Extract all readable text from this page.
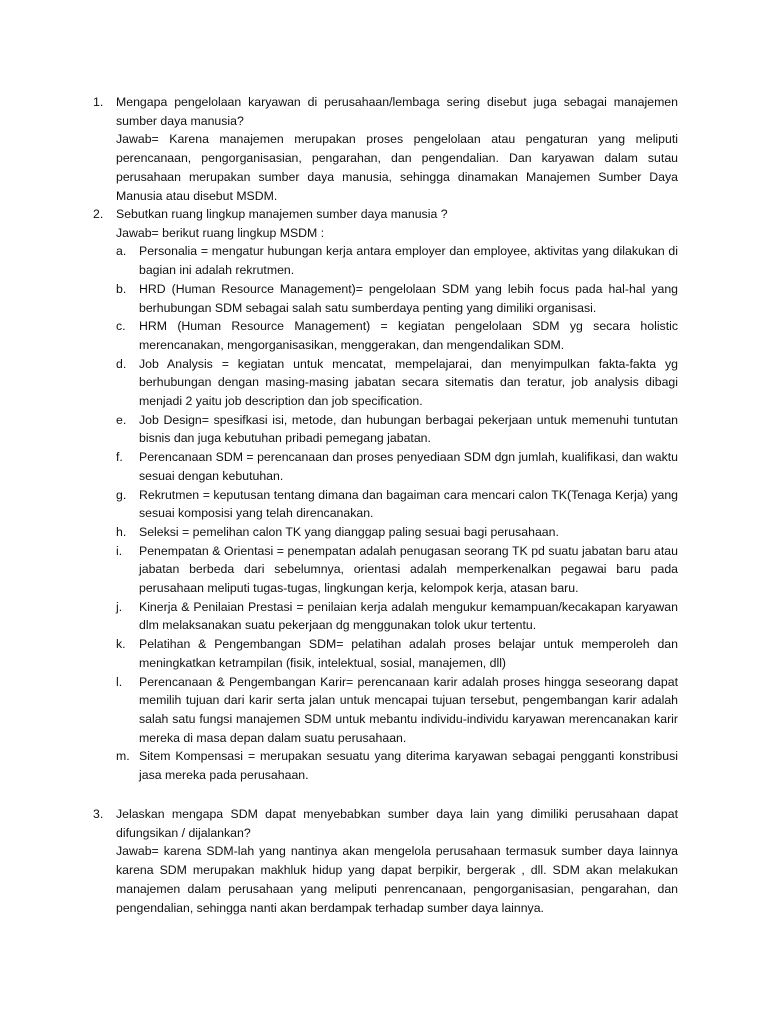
1. Mengapa pengelolaan karyawan di perusahaan/lembaga sering disebut juga sebagai manajemen sumber daya manusia?
Jawab= Karena manajemen merupakan proses pengelolaan atau pengaturan yang meliputi perencanaan, pengorganisasian, pengarahan, dan pengendalian. Dan karyawan dalam sutau perusahaan merupakan sumber daya manusia, sehingga dinamakan Manajemen Sumber Daya Manusia atau disebut MSDM.
2. Sebutkan ruang lingkup manajemen sumber daya manusia ?
Jawab= berikut ruang lingkup MSDM :
a. Personalia = mengatur hubungan kerja antara employer dan employee, aktivitas yang dilakukan di bagian ini adalah rekrutmen.
b. HRD (Human Resource Management)= pengelolaan SDM yang lebih focus pada hal-hal yang berhubungan SDM sebagai salah satu sumberdaya penting yang dimiliki organisasi.
c. HRM (Human Resource Management) = kegiatan pengelolaan SDM yg secara holistic merencanakan, mengorganisasikan, menggerakan, dan mengendalikan SDM.
d. Job Analysis = kegiatan untuk mencatat, mempelajarai, dan menyimpulkan fakta-fakta yg berhubungan dengan masing-masing jabatan secara sitematis dan teratur, job analysis dibagi menjadi 2 yaitu job description dan job specification.
e. Job Design= spesifkasi isi, metode, dan hubungan berbagai pekerjaan untuk memenuhi tuntutan bisnis dan juga kebutuhan pribadi pemegang jabatan.
f. Perencanaan SDM = perencanaan dan proses penyediaan SDM dgn jumlah, kualifikasi, dan waktu sesuai dengan kebutuhan.
g. Rekrutmen = keputusan tentang dimana dan bagaiman cara mencari calon TK(Tenaga Kerja) yang sesuai komposisi yang telah direncanakan.
h. Seleksi = pemelihan calon TK yang dianggap paling sesuai bagi perusahaan.
i. Penempatan & Orientasi = penempatan adalah penugasan seorang TK pd suatu jabatan baru atau jabatan berbeda dari sebelumnya, orientasi adalah memperkenalkan pegawai baru pada perusahaan meliputi tugas-tugas, lingkungan kerja, kelompok kerja, atasan baru.
j. Kinerja & Penilaian Prestasi = penilaian kerja adalah mengukur kemampuan/kecakapan karyawan dlm melaksanakan suatu pekerjaan dg menggunakan tolok ukur tertentu.
k. Pelatihan & Pengembangan SDM= pelatihan adalah proses belajar untuk memperoleh dan meningkatkan ketrampilan (fisik, intelektual, sosial, manajemen, dll)
l. Perencanaan & Pengembangan Karir= perencanaan karir adalah proses hingga seseorang dapat memilih tujuan dari karir serta jalan untuk mencapai tujuan tersebut, pengembangan karir adalah salah satu fungsi manajemen SDM untuk mebantu individu-individu karyawan merencanakan karir mereka di masa depan dalam suatu perusahaan.
m. Sitem Kompensasi = merupakan sesuatu yang diterima karyawan sebagai pengganti konstribusi jasa mereka pada perusahaan.
3. Jelaskan mengapa SDM dapat menyebabkan sumber daya lain yang dimiliki perusahaan dapat difungsikan / dijalankan?
Jawab= karena SDM-lah yang nantinya akan mengelola perusahaan termasuk sumber daya lainnya karena SDM merupakan makhluk hidup yang dapat berpikir, bergerak , dll. SDM akan melakukan manajemen dalam perusahaan yang meliputi penrencanaan, pengorganisasian, pengarahan, dan pengendalian, sehingga nanti akan berdampak terhadap sumber daya lainnya.
